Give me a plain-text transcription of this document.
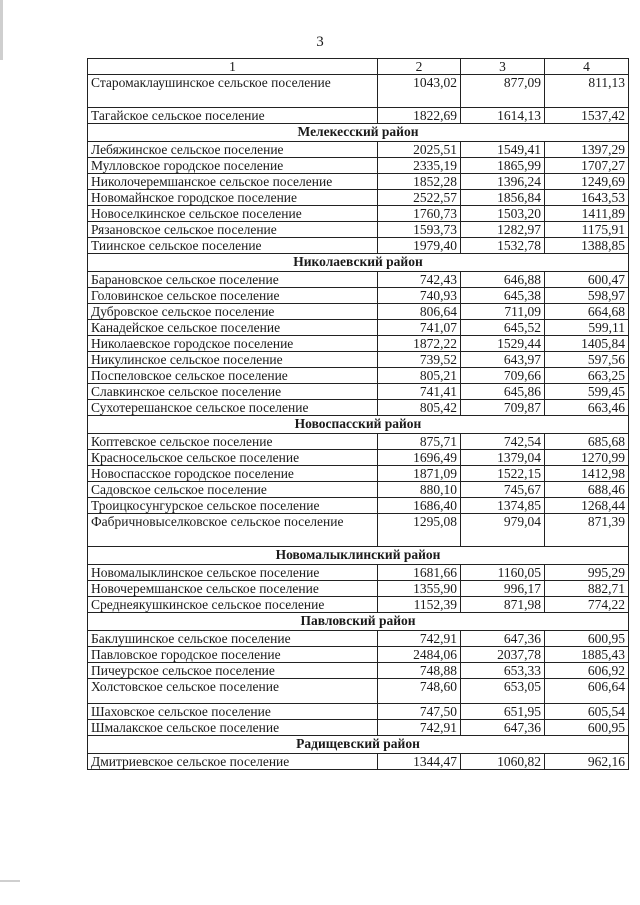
3
1	2	3	4
Старомаклаушинское сельское поселение	1043,02	877,09	811,13
Тагайское сельское поселение	1822,69	1614,13	1537,42
Мелекесский район			
Лебяжинское сельское поселение	2025,51	1549,41	1397,29
Мулловское городское поселение	2335,19	1865,99	1707,27
Николочеремшанское сельское поселение	1852,28	1396,24	1249,69
Новомайнское городское поселение	2522,57	1856,84	1643,53
Новоселкинское сельское поселение	1760,73	1503,20	1411,89
Рязановское сельское поселение	1593,73	1282,97	1175,91
Тиинское сельское поселение	1979,40	1532,78	1388,85
Николаевский район			
Барановское сельское поселение	742,43	646,88	600,47
Головинское сельское поселение	740,93	645,38	598,97
Дубровское сельское поселение	806,64	711,09	664,68
Канадейское сельское поселение	741,07	645,52	599,11
Николаевское городское поселение	1872,22	1529,44	1405,84
Никулинское сельское поселение	739,52	643,97	597,56
Поспеловское сельское поселение	805,21	709,66	663,25
Славкинское сельское поселение	741,41	645,86	599,45
Сухотерешанское сельское поселение	805,42	709,87	663,46
Новоспасский район			
Коптевское сельское поселение	875,71	742,54	685,68
Красносельское сельское поселение	1696,49	1379,04	1270,99
Новоспасское городское поселение	1871,09	1522,15	1412,98
Садовское сельское поселение	880,10	745,67	688,46
Троицкосунгурское сельское поселение	1686,40	1374,85	1268,44
Фабричновыселковское сельское поселение	1295,08	979,04	871,39
Новомалыклинский район			
Новомалыклинское сельское поселение	1681,66	1160,05	995,29
Новочеремшанское сельское поселение	1355,90	996,17	882,71
Среднеякушкинское сельское поселение	1152,39	871,98	774,22
Павловский район			
Баклушинское сельское поселение	742,91	647,36	600,95
Павловское городское поселение	2484,06	2037,78	1885,43
Пичеурское сельское поселение	748,88	653,33	606,92
Холстовское сельское поселение	748,60	653,05	606,64
Шаховское сельское поселение	747,50	651,95	605,54
Шмалакское сельское поселение	742,91	647,36	600,95
Радищевский район			
Дмитриевское сельское поселение	1344,47	1060,82	962,16
